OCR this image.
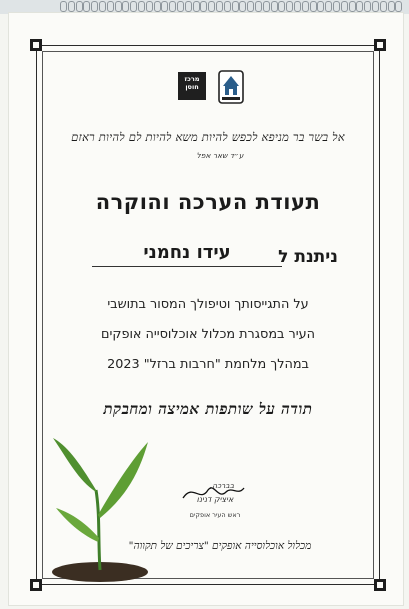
מרכז חוסן
אל בשר בר מניפא לכפש להיות משא להיות לם להיות ראזם
ע״ד שאר אפל
תעודת הערכה והוקרה
ניתנת ל
עידו נחמני
על התגייסותך וטיפולך המסור בתושבי
העיר במסגרת מכלול אוכלוסייה אופקים
במהלך מלחמת "חרבות ברזל" 2023
תודה על שותפות אמיצה ומחבקת
בברכה,
איציק דנינו
ראש העיר אופקים
מכלול אוכלוסייה אופקים "צריכים של תקווה"
